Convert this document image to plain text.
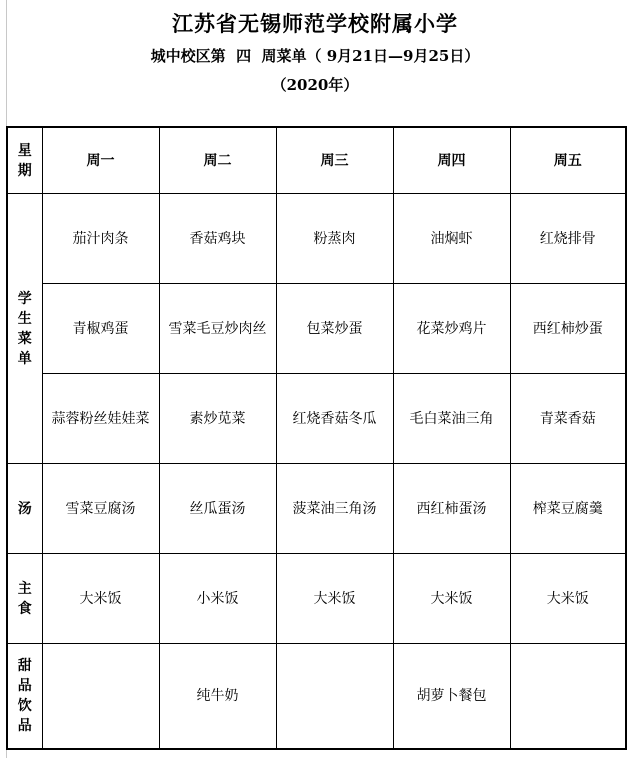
江苏省无锡师范学校附属小学
城中校区第  四  周菜单（ 9月21日—9月25日）
（2020年）
星期	周一	周二	周三	周四	周五
学生菜单	茄汁肉条	香菇鸡块	粉蒸肉	油焖虾	红烧排骨
	青椒鸡蛋	雪菜毛豆炒肉丝	包菜炒蛋	花菜炒鸡片	西红柿炒蛋
	蒜蓉粉丝娃娃菜	素炒苋菜	红烧香菇冬瓜	毛白菜油三角	青菜香菇
汤	雪菜豆腐汤	丝瓜蛋汤	菠菜油三角汤	西红柿蛋汤	榨菜豆腐羹
主食	大米饭	小米饭	大米饭	大米饭	大米饭
甜品饮品		纯牛奶		胡萝卜餐包	
